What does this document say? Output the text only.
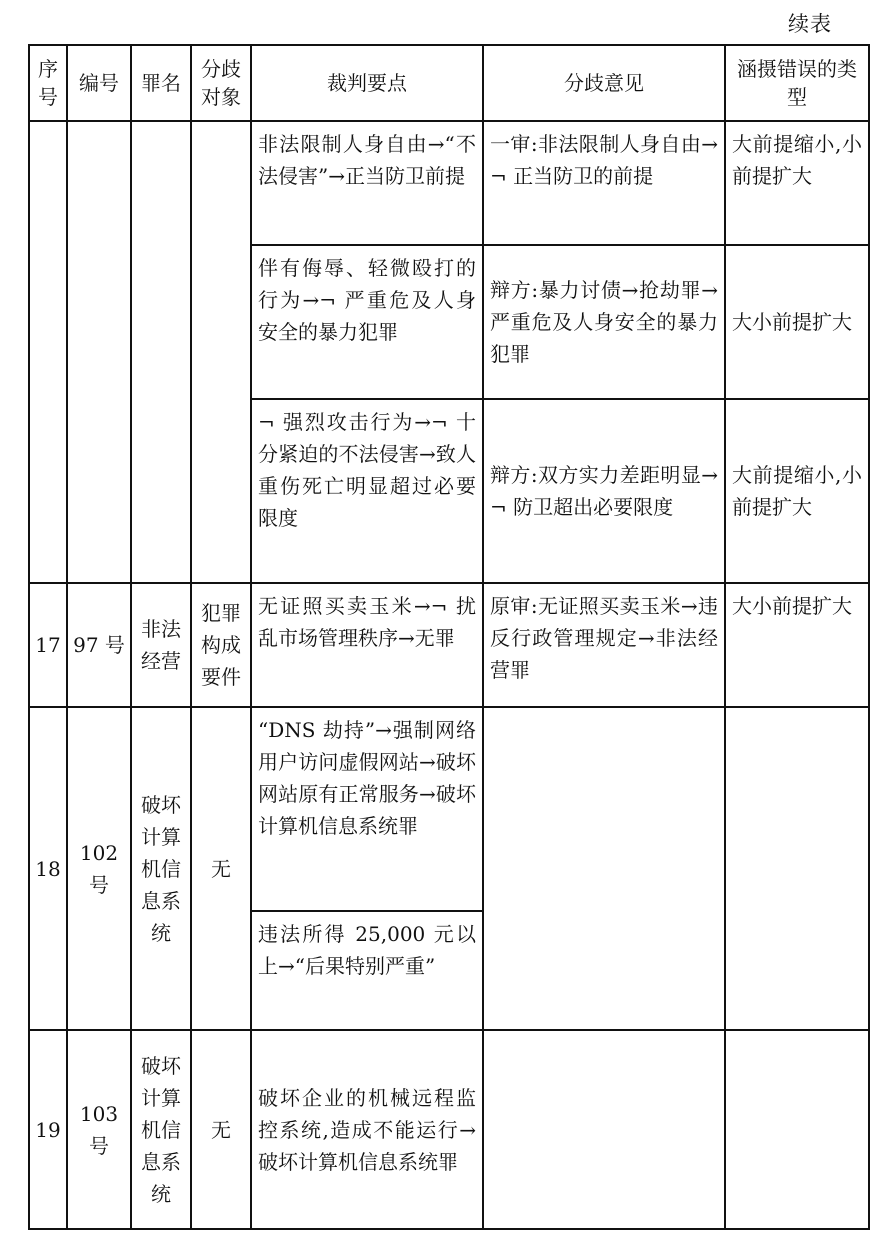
续表
序号	编号	罪名	分歧对象	裁判要点	分歧意见	涵摄错误的类型
				非法限制人身自由→“不法侵害”→正当防卫前提	一审:非法限制人身自由→¬ 正当防卫的前提	大前提缩小,小前提扩大
				伴有侮辱、轻微殴打的行为→¬ 严重危及人身安全的暴力犯罪	辩方:暴力讨债→抢劫罪→严重危及人身安全的暴力犯罪	大小前提扩大
				¬ 强烈攻击行为→¬ 十分紧迫的不法侵害→致人重伤死亡明显超过必要限度	辩方:双方实力差距明显→¬ 防卫超出必要限度	大前提缩小,小前提扩大
17	97 号	非法经营	犯罪构成要件	无证照买卖玉米→¬ 扰乱市场管理秩序→无罪	原审:无证照买卖玉米→违反行政管理规定→非法经营罪	大小前提扩大
18	102 号	破坏计算机信息系统	无	“DNS 劫持”→强制网络用户访问虚假网站→破坏网站原有正常服务→破坏计算机信息系统罪		
				违法所得 25,000 元以上→“后果特别严重”		
19	103 号	破坏计算机信息系统	无	破坏企业的机械远程监控系统,造成不能运行→破坏计算机信息系统罪		
